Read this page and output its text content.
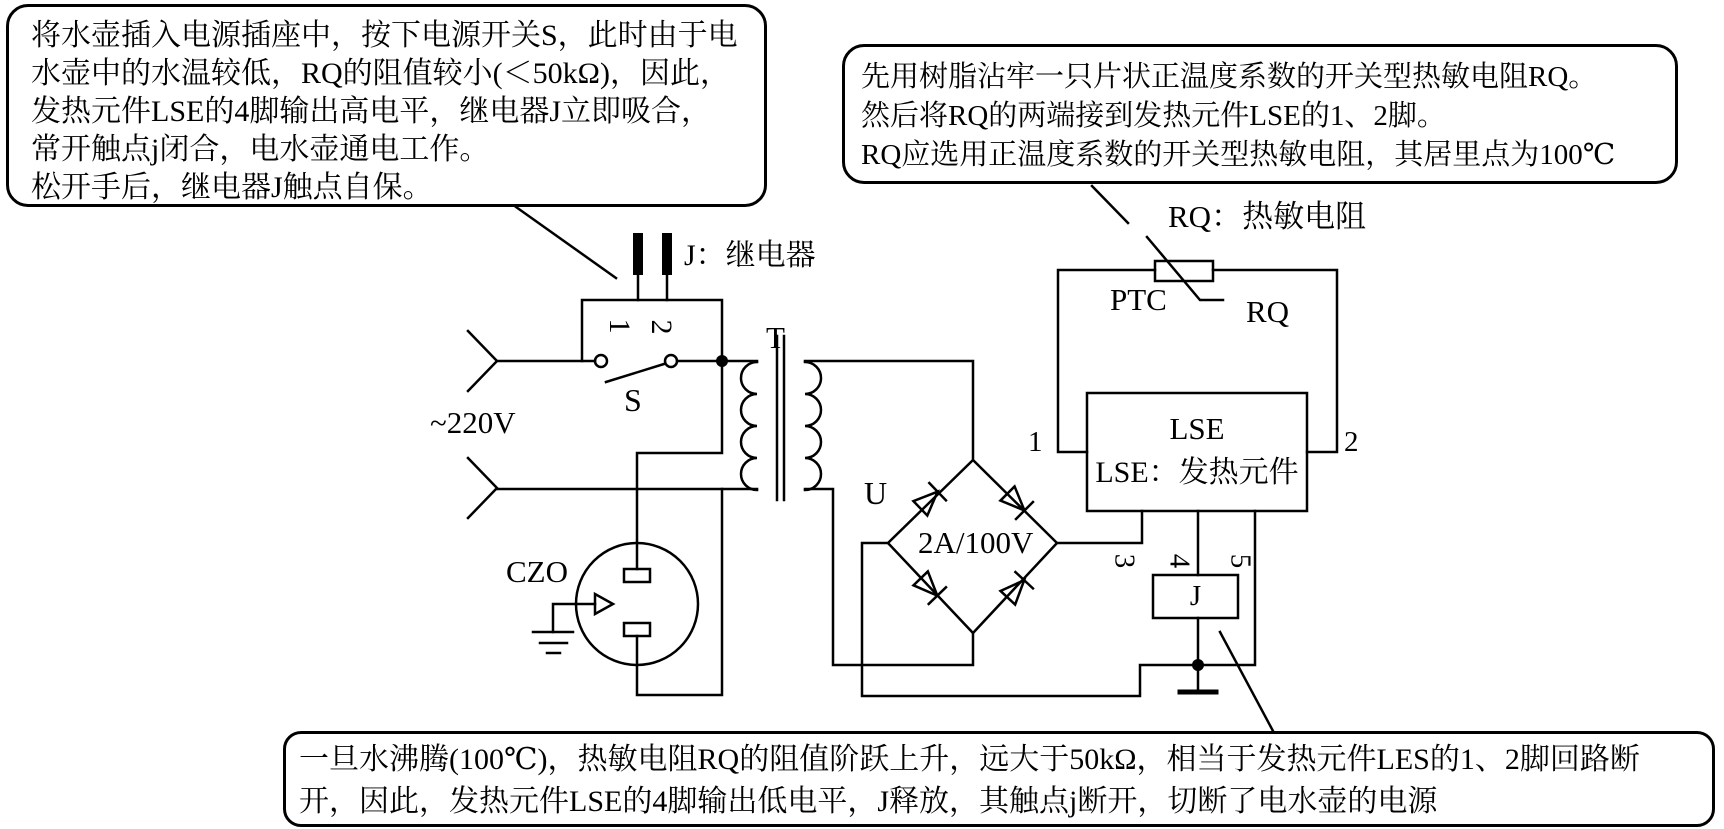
将水壶插入电源插座中，按下电源开关S，此时由于电
水壶中的水温较低，RQ的阻值较小(＜50kΩ)，因此，
发热元件LSE的4脚输出高电平，继电器J立即吸合，
常开触点j闭合，电水壶通电工作。
松开手后，继电器J触点自保。
先用树脂沾牢一只片状正温度系数的开关型热敏电阻RQ。
然后将RQ的两端接到发热元件LSE的1、2脚。
RQ应选用正温度系数的开关型热敏电阻，其居里点为100℃
一旦水沸腾(100℃)，热敏电阻RQ的阻值阶跃上升，远大于50kΩ，相当于发热元件LES的1、2脚回路断
开，因此，发热元件LSE的4脚输出低电平，J释放，其触点j断开，切断了电水壶的电源
~220V
S
J：继电器
T
U
2A/100V
CZO
RQ：热敏电阻
PTC	RQ
LSE
LSE：发热元件
J
1 2
1	2
3 4 5
